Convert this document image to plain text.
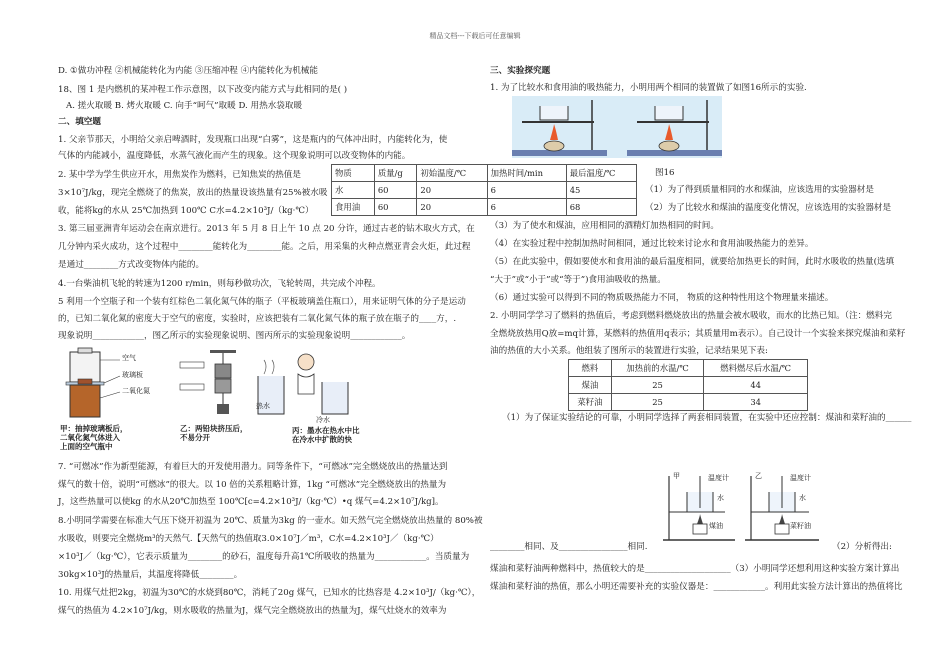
精品文档---下载后可任意编辑
D. ①做功冲程 ②机械能转化为内能 ③压缩冲程 ④内能转化为机械能
18、图 1 是内燃机的某冲程工作示意图，以下改变内能方式与此相同的是( )
A. 搓火取暖 B. 烤火取暖 C. 向手“呵气”取暖 D. 用热水袋取暖
二、填空题
1. 父亲节那天，小明给父亲启啤酒时，发现瓶口出现“白雾”，这是瓶内的气体冲出时，内能转化为，使
气体的内能减小，温度降低，水蒸气液化而产生的现象。这个现象说明可以改变物体的内能。
2. 某中学为学生供应开水，用焦炭作为燃料，已知焦炭的热值是
3×10⁷J/kg，现完全燃烧了的焦炭，放出的热量设该热量有25%被水吸
收，能将kg的水从 25℃加热到 100℃ C水=4.2×10³J/（kg·℃）
3. 第三届亚洲青年运动会在南京进行。2013 年 5 月 8 日上午 10 点 20 分许，通过古老的钻木取火方式，在
几分钟内采火成功，这个过程中________能转化为________能。之后，用采集的火种点燃亚青会火炬，此过程
是通过________方式改变物体内能的。
4.一台柴油机飞轮的转速为1200 r/min，则每秒做功次，飞轮转周，共完成个冲程。
5 利用一个空瓶子和一个装有红棕色二氧化氮气体的瓶子（平板玻璃盖住瓶口），用来证明气体的分子是运动
的，已知二氧化氮的密度大于空气的密度，实验时，应该把装有二氧化氮气体的瓶子放在瓶子的____方，.
现象说明____________，图乙所示的实验现象说明、图丙所示的实验现象说明____________。
空气
玻璃板
二氧化氮
热水
冷水
甲：抽掉玻璃板后，
二氧化氮气体进入
上面的空气瓶中
乙：两铅块挤压后，
不易分开
丙：墨水在热水中比
在冷水中扩散的快
7. “可燃冰”作为新型能源，有着巨大的开发使用潜力。同等条件下，“可燃冰”完全燃烧放出的热量达到
煤气的数十倍，说明“可燃冰”的很大。以 10 倍的关系粗略计算，1kg “可燃冰”完全燃烧放出的热量为
J，这些热量可以使kg 的水从20℃加热至 100℃[c=4.2×10³J/（kg·℃）•q 煤气=4.2×10⁷J/kg]。
8.小明同学需要在标准大气压下烧开初温为 20℃、质量为3kg 的一壶水。如天然气完全燃烧放出热量的 80%被
水吸收，则要完全燃烧m³的天然气.【天然气的热值取3.0×10⁷J／m³，C水=4.2×10³J／（kg·℃）
×10³J／（kg·℃），它表示质量为________的砂石，温度每升高1℃所吸收的热量为____________。当质量为
30kg×10³J的热量后，其温度将降低________。
10. 用煤气灶把2kg，初温为30℃的水烧到80℃，消耗了20g 煤气，已知水的比热容是 4.2×10³J/（kg·℃），
煤气的热值为 4.2×10⁷J/kg，则水吸收的热量为J，煤气完全燃烧放出的热量为J，煤气灶烧水的效率为
三、实验探究题
1. 为了比较水和食用油的吸热能力，小明用两个相同的装置做了如图16所示的实验.
物质	质量/g	初始温度/℃	加热时间/min	最后温度/℃
水	60	20	6	45
食用油	60	20	6	68
图16
（1）为了得到质量相同的水和煤油，应该选用的实验器材是
（2）为了比较水和煤油的温度变化情况，应该选用的实验器材是
（3）为了使水和煤油，应用相同的酒精灯加热相同的时间。
（4）在实验过程中控制加热时间相同，通过比较来讨论水和食用油吸热能力的差异。
（5）在此实验中，假如要使水和食用油的最后温度相同，就要给加热更长的时间，此时水吸收的热量(选填
“大于”或“小于”或“等于”)食用油吸收的热量。
（6）通过实验可以得到不同的物质吸热能力不同， 物质的这种特性用这个物理量来描述。
2. 小明同学学习了燃料的热值后，考虑到燃料燃烧放出的热量会被水吸收，而水的比热已知。（注：燃料完
全燃烧放热用Q放=mq计算，某燃料的热值用q表示；其质量用m表示）。自己设计一个实验来探究煤油和菜籽
油的热值的大小关系。他组装了图所示的装置进行实验，记录结果见下表:
燃料	加热前的水温/℃	燃料燃尽后水温/℃
煤油	25	44
菜籽油	25	34
（1）为了保证实验结论的可靠，小明同学选择了两套相同装置，在实验中还应控制：煤油和菜籽油的______
甲	乙
温度计	温度计
水	水
煤油	菜籽油
________相同、及________________相同.	（2）分析得出:
煤油和菜籽油两种燃料中，热值较大的是____________________（3）小明同学还想利用这种实验方案计算出
煤油和菜籽油的热值，那么小明还需要补充的实验仪器是：____________。利用此实验方法计算出的热值将比
